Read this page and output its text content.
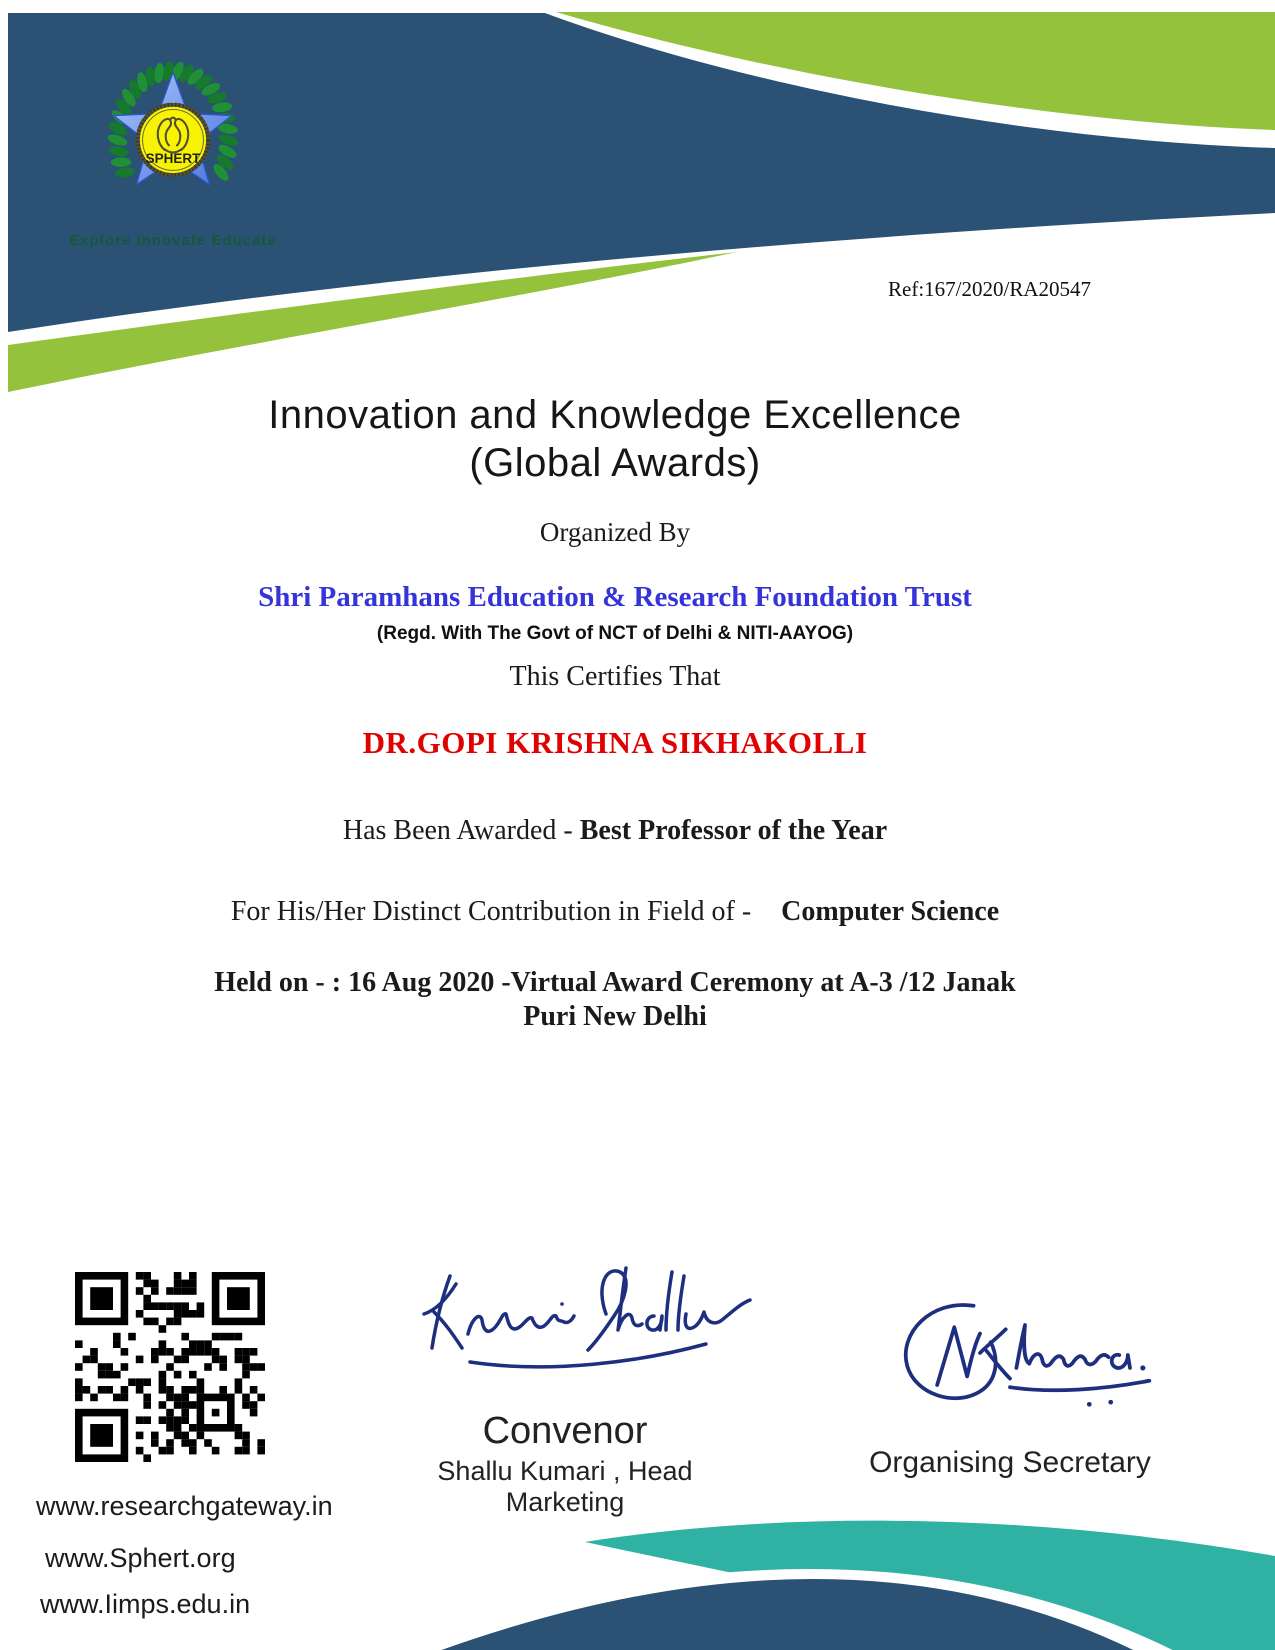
SPHERT
Explore Innovate Educate
Ref:167/2020/RA20547
Innovation and Knowledge Excellence
(Global Awards)
Organized By
Shri Paramhans Education & Research Foundation Trust
(Regd. With The Govt of NCT of Delhi & NITI-AAYOG)
This Certifies That
DR.GOPI KRISHNA SIKHAKOLLI
Has Been Awarded - Best Professor of the Year
For His/Her Distinct Contribution in Field of - Computer Science
Held on - : 16 Aug 2020 -Virtual Award Ceremony at A-3 /12 Janak
Puri New Delhi
Convenor
Shallu Kumari , Head Marketing
Organising Secretary
www.researchgateway.in
www.Sphert.org
www.Iimps.edu.in
